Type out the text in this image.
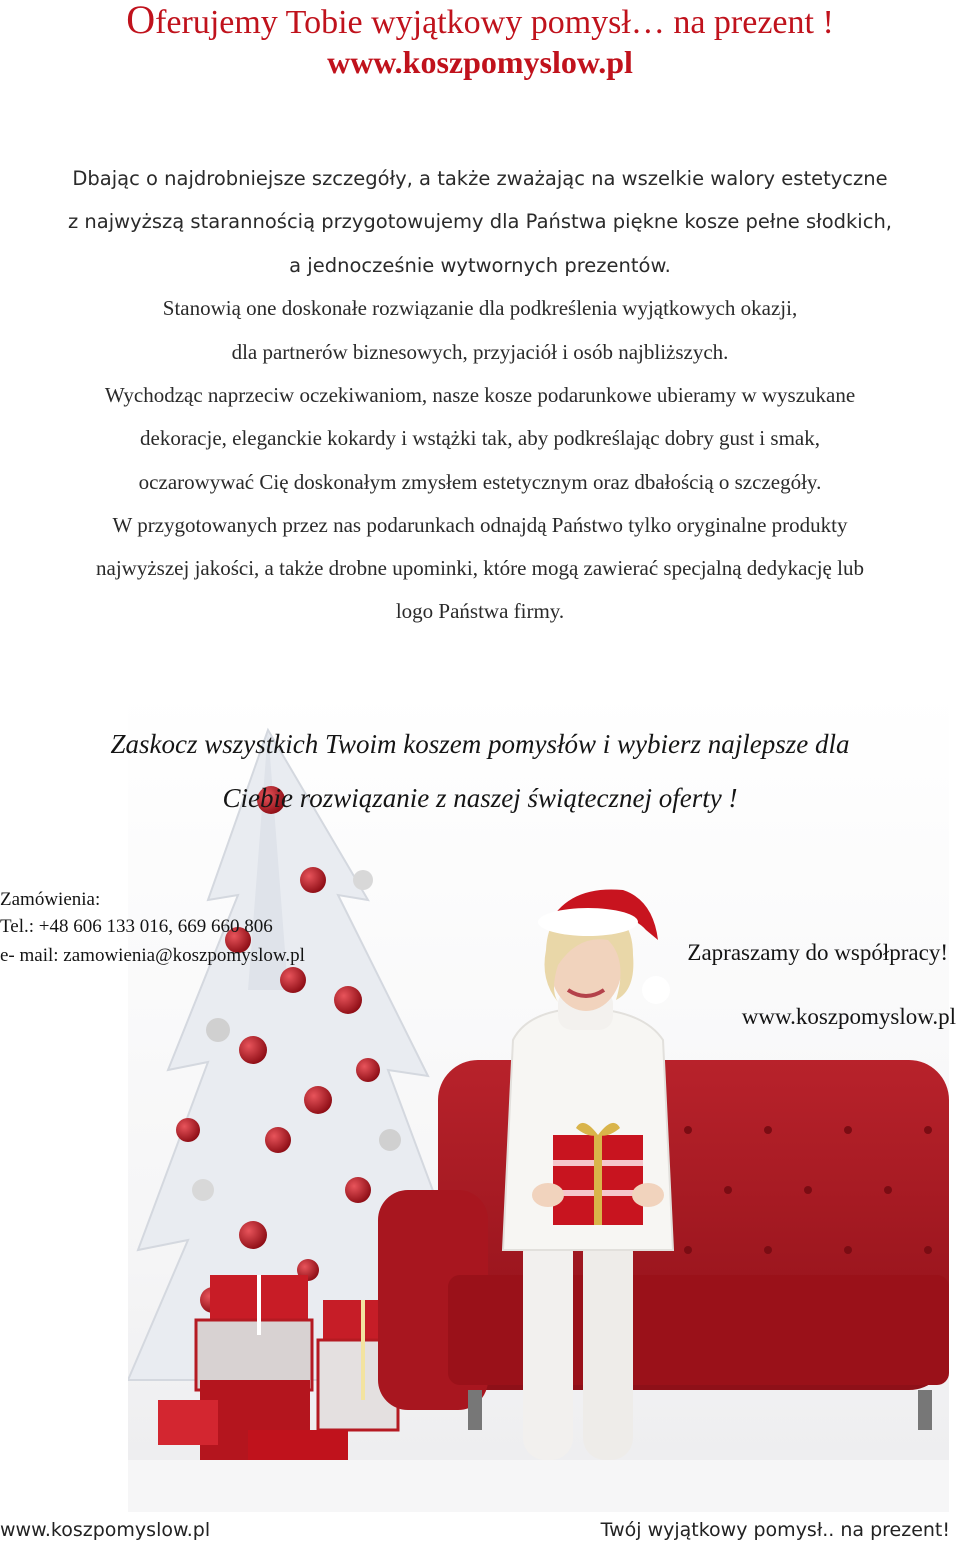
Oferujemy Tobie wyjątkowy pomysł… na prezent !
www.koszpomyslow.pl
Dbając o najdrobniejsze szczegóły, a także zważając na wszelkie walory estetyczne
z najwyższą starannością przygotowujemy dla Państwa piękne kosze pełne słodkich,
a jednocześnie wytwornych prezentów.
Stanowią one doskonałe rozwiązanie dla podkreślenia wyjątkowych okazji,
dla partnerów biznesowych, przyjaciół i osób najbliższych.
Wychodząc naprzeciw oczekiwaniom, nasze kosze podarunkowe ubieramy w wyszukane
dekoracje, eleganckie kokardy i wstążki tak, aby podkreślając dobry gust i smak,
oczarowywać Cię doskonałym zmysłem estetycznym oraz dbałością o szczegóły.
W przygotowanych przez nas podarunkach odnajdą Państwo tylko oryginalne produkty
najwyższej jakości, a także drobne upominki, które mogą zawierać specjalną dedykację lub
logo Państwa firmy.
Zaskocz wszystkich Twoim koszem pomysłów i wybierz najlepsze dla
Ciebie rozwiązanie z naszej świątecznej oferty !
Zamówienia:
Tel.: +48 606 133 016, 669 660 806
e- mail: zamowienia@koszpomyslow.pl	Zapraszamy do współpracy!
www.koszpomyslow.pl
www.koszpomyslow.pl	Twój wyjątkowy pomysł.. na prezent!
